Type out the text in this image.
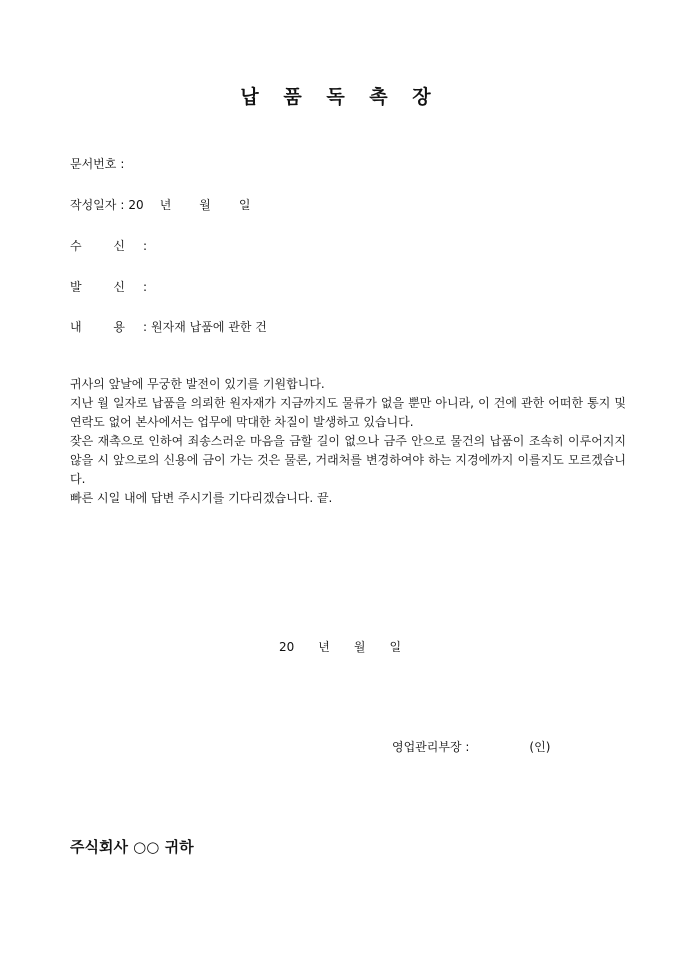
납 품 독 촉 장
문서번호 :
작성일자 : 20 년 월 일
수 신 :
발 신 :
내 용 : 원자재 납품에 관한 건

귀사의 앞날에 무궁한 발전이 있기를 기원합니다.

지난 월 일자로 납품을 의뢰한 원자재가 지금까지도 물류가 없을 뿐만 아니라, 이 건에 관한 어떠한 통지 및 연락도 없어 본사에서는 업무에 막대한 차질이 발생하고 있습니다.

잦은 재촉으로 인하여 죄송스러운 마음을 금할 길이 없으나 금주 안으로 물건의 납품이 조속히 이루어지지 않을 시 앞으로의 신용에 금이 가는 것은 물론, 거래처를 변경하여야 하는 지경에까지 이를지도 모르겠습니다.

빠른 시일 내에 답변 주시기를 기다리겠습니다. 끝.

20 년 월 일
영업관리부장 :	(인)
주식회사 ○○ 귀하
